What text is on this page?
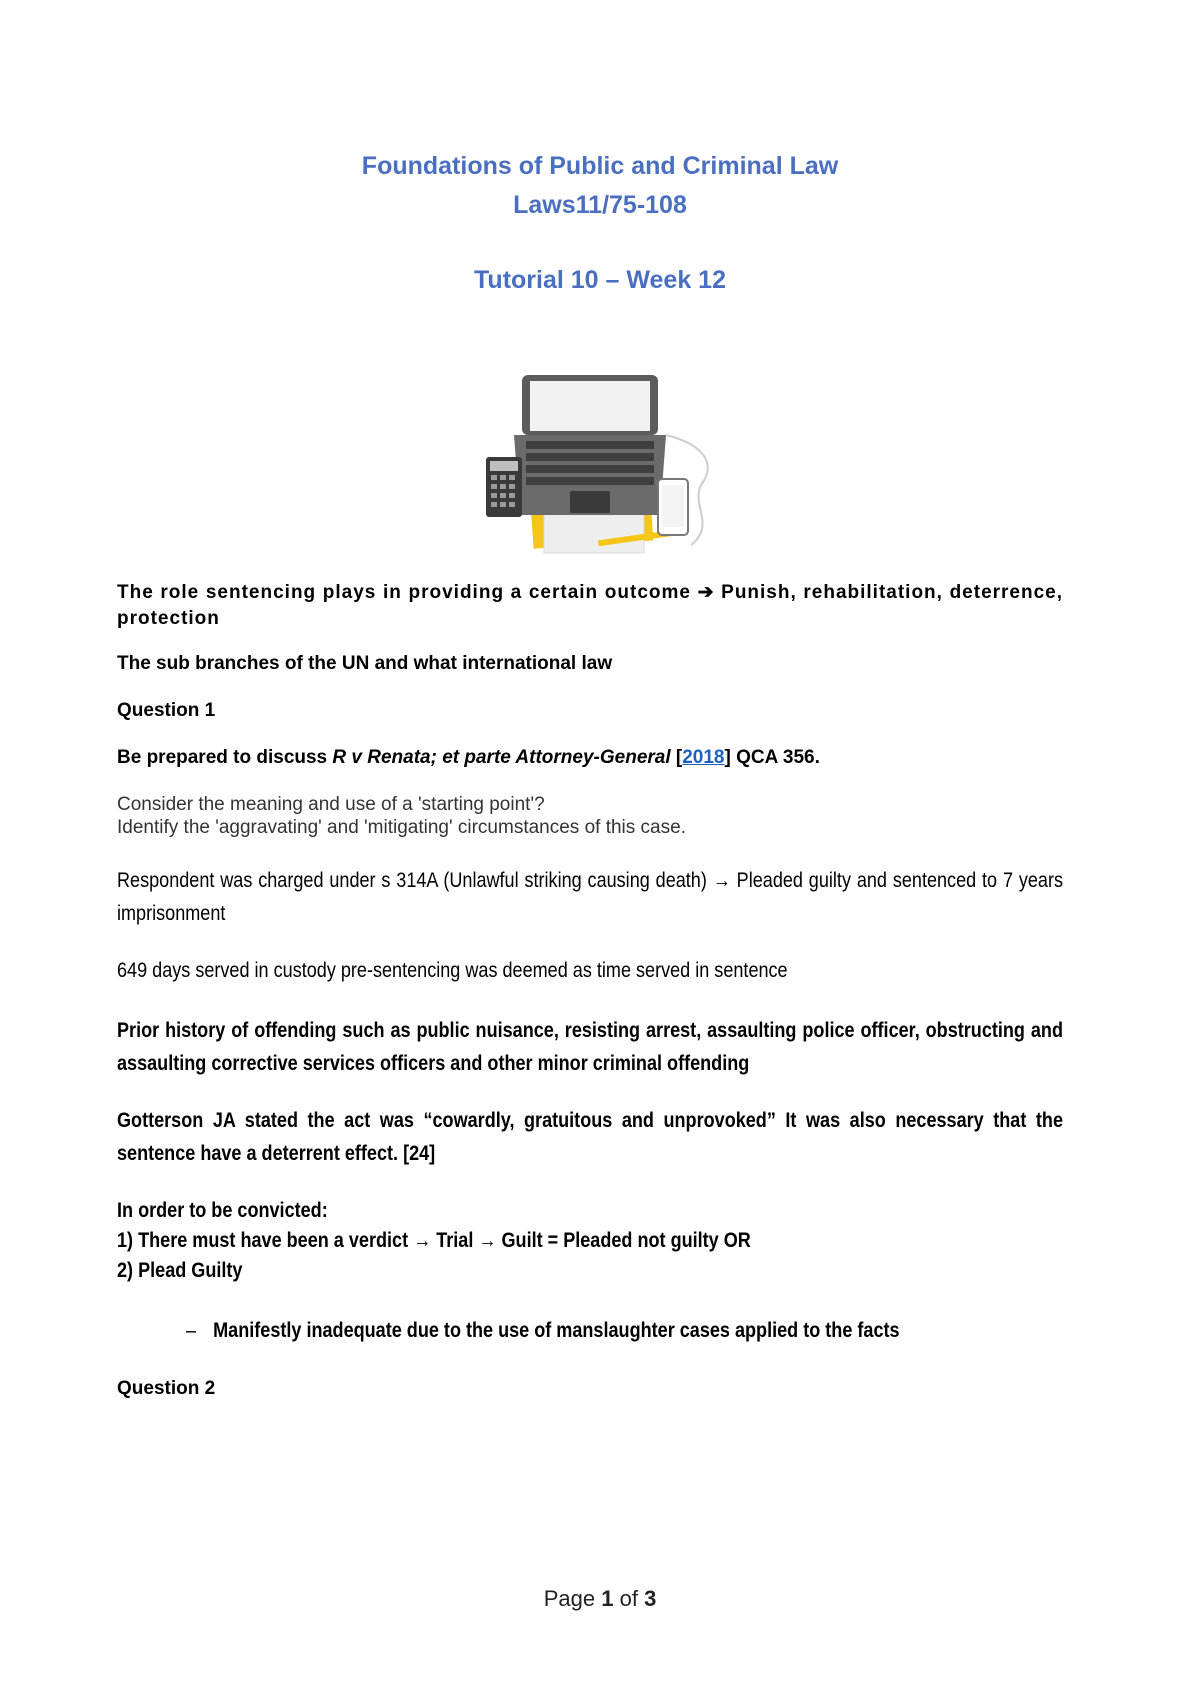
Foundations of Public and Criminal Law
Laws11/75-108
Tutorial 10 – Week 12
The role sentencing plays in providing a certain outcome ➔ Punish, rehabilitation, deterrence, protection
The sub branches of the UN and what international law
Question 1
Be prepared to discuss R v Renata; et parte Attorney-General [2018] QCA 356.
Consider the meaning and use of a 'starting point'?
Identify the 'aggravating' and 'mitigating' circumstances of this case.
Respondent was charged under s 314A (Unlawful striking causing death) → Pleaded guilty and sentenced to 7 years imprisonment
649 days served in custody pre-sentencing was deemed as time served in sentence
Prior history of offending such as public nuisance, resisting arrest, assaulting police officer, obstructing and assaulting corrective services officers and other minor criminal offending
Gotterson JA stated the act was “cowardly, gratuitous and unprovoked” It was also necessary that the sentence have a deterrent effect. [24]
In order to be convicted:
1) There must have been a verdict → Trial → Guilt = Pleaded not guilty OR
2) Plead Guilty
– Manifestly inadequate due to the use of manslaughter cases applied to the facts
Question 2
Page 1 of 3
